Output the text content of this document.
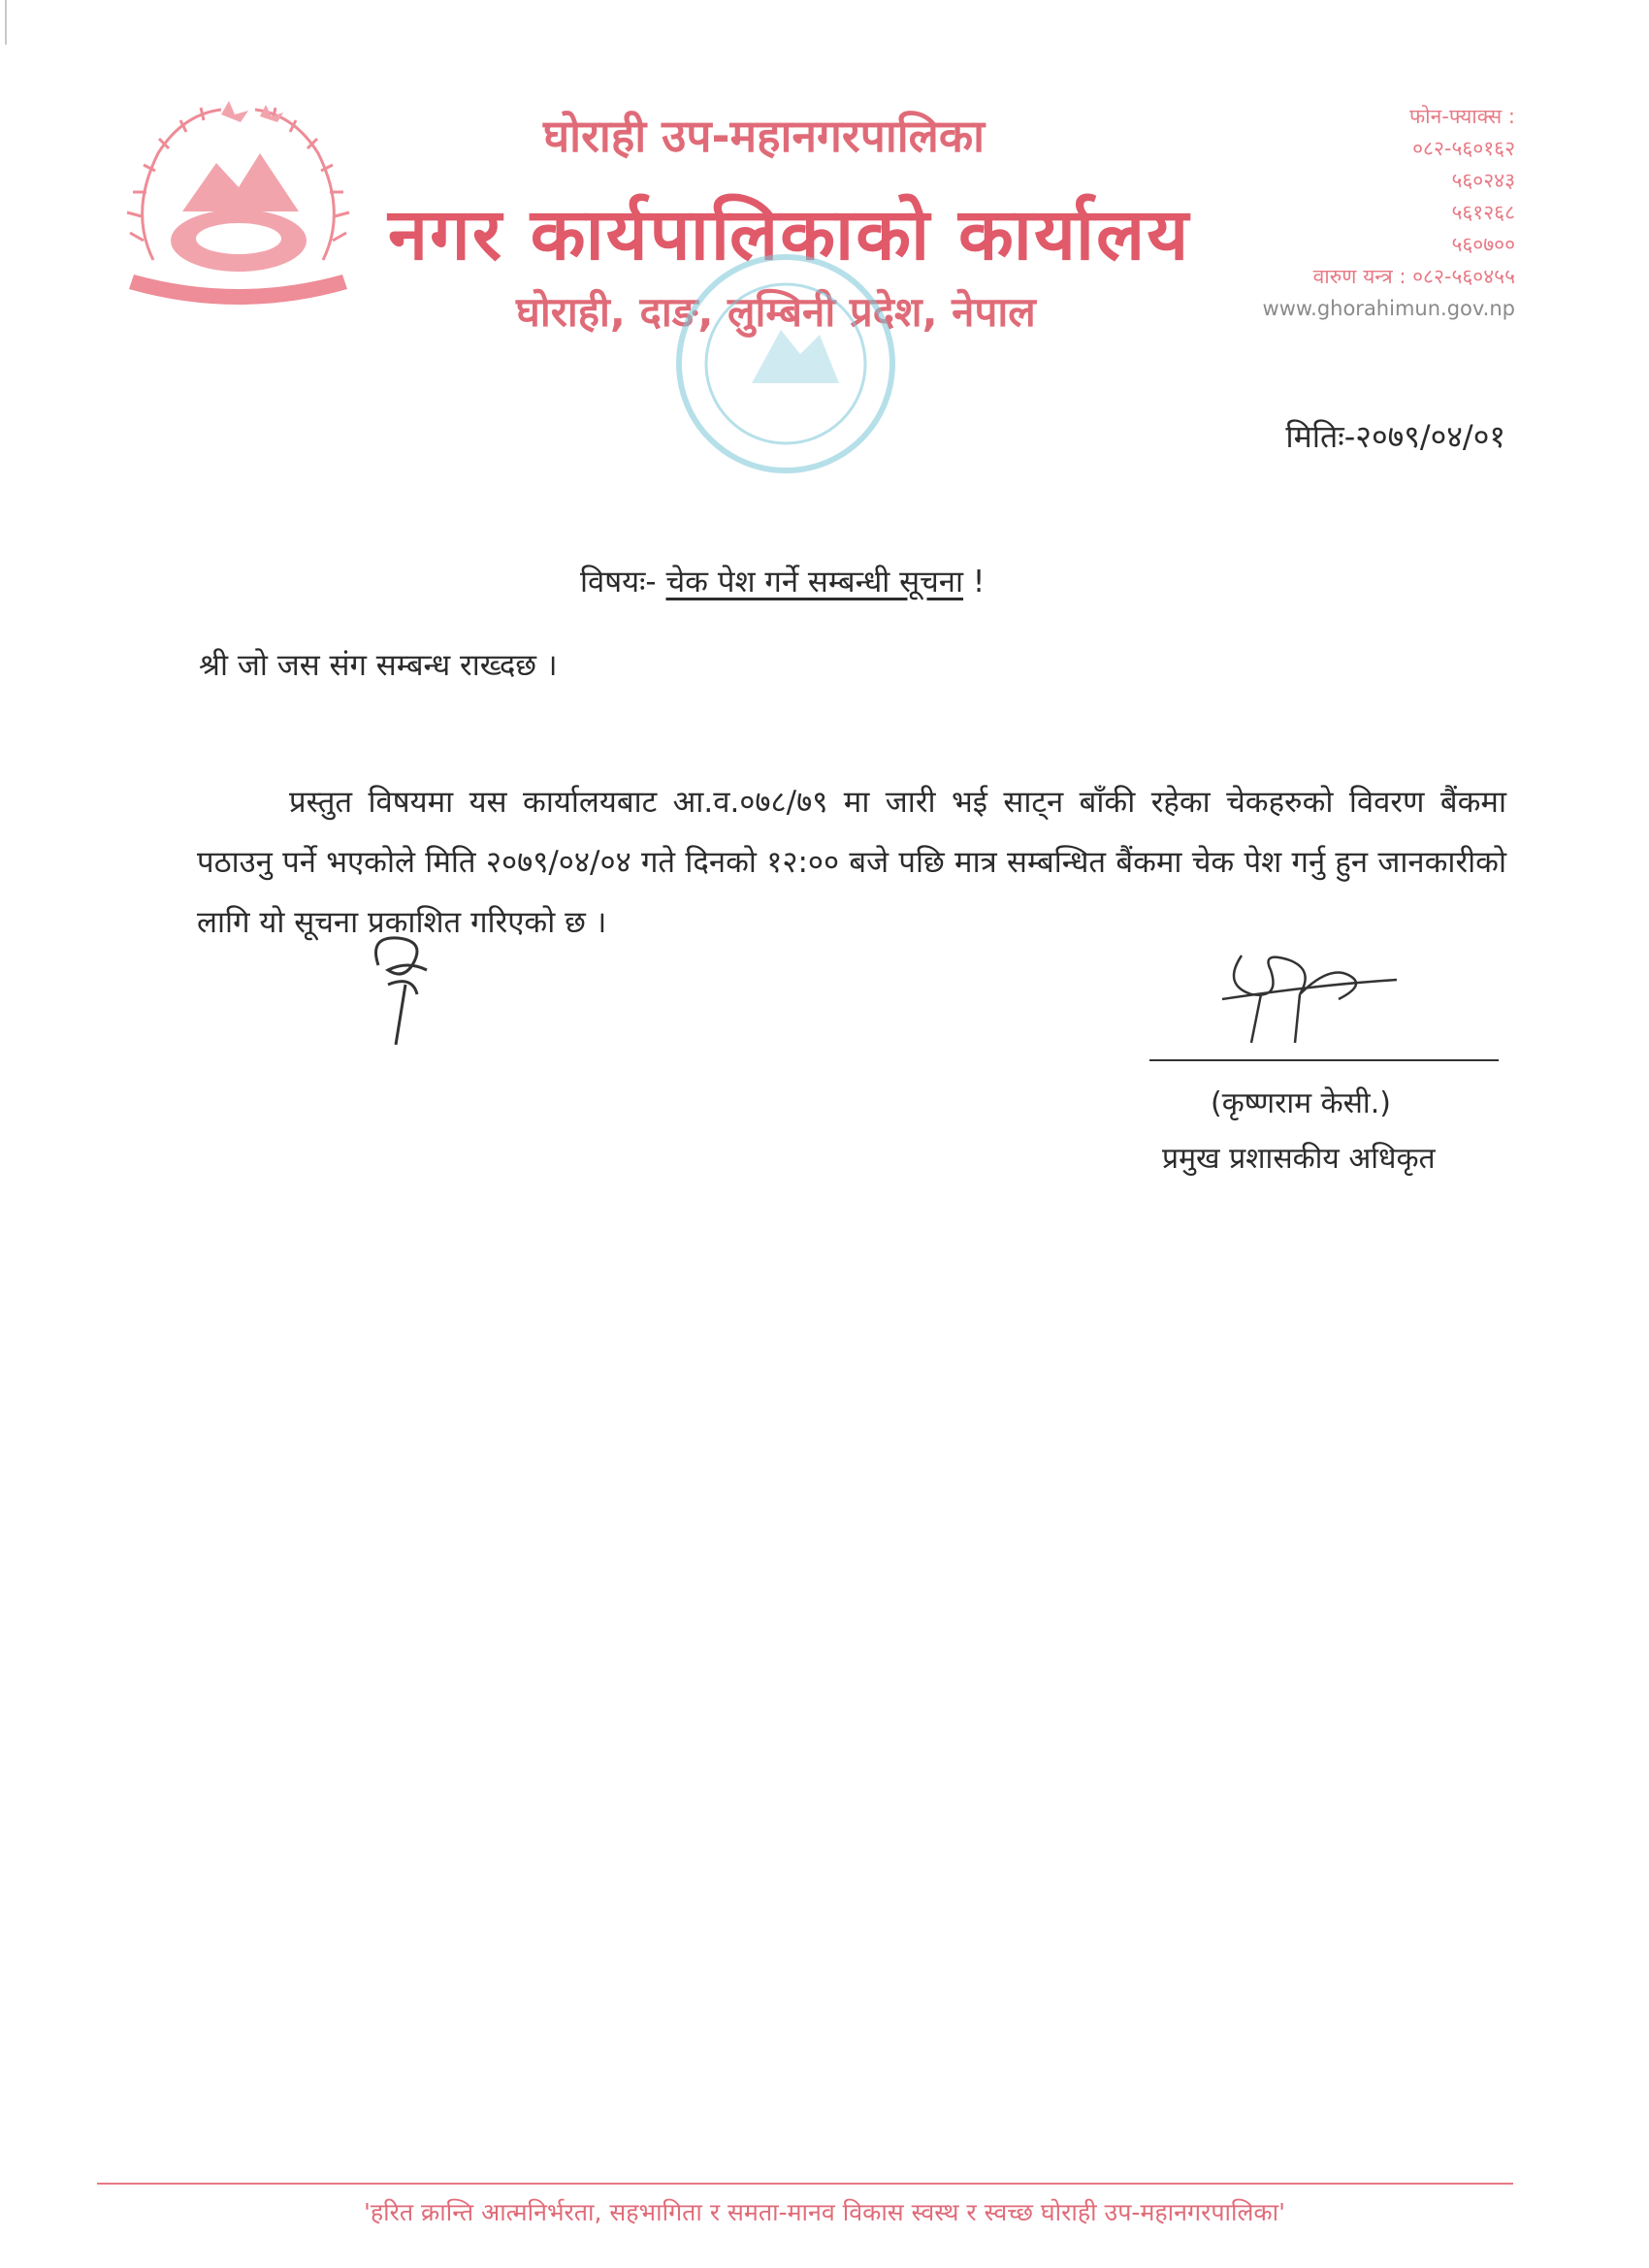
घोराही उप-महानगरपालिका
नगर कार्यपालिकाको कार्यालय
घोराही, दाङ, लुम्बिनी प्रदेश, नेपाल
फोन-फ्याक्स :
०८२-५६०१६२
५६०२४३
५६१२६८
५६०७००
वारुण यन्त्र : ०८२-५६०४५५
www.ghorahimun.gov.np
मितिः-२०७९/०४/०१
विषयः- चेक पेश गर्ने सम्बन्धी सूचना !
श्री जो जस संग सम्बन्ध राख्दछ ।
प्रस्तुत विषयमा यस कार्यालयबाट आ.व.०७८/७९ मा जारी भई साट्न बाँकी रहेका चेकहरुको विवरण बैंकमा पठाउनु पर्ने भएकोले मिति २०७९/०४/०४ गते दिनको १२:०० बजे पछि मात्र सम्बन्धित बैंकमा चेक पेश गर्नु हुन जानकारीको लागि यो सूचना प्रकाशित गरिएको छ ।
(कृष्णराम केसी.)
प्रमुख प्रशासकीय अधिकृत
'हरित क्रान्ति आत्मनिर्भरता, सहभागिता र समता-मानव विकास स्वस्थ र स्वच्छ घोराही उप-महानगरपालिका'
